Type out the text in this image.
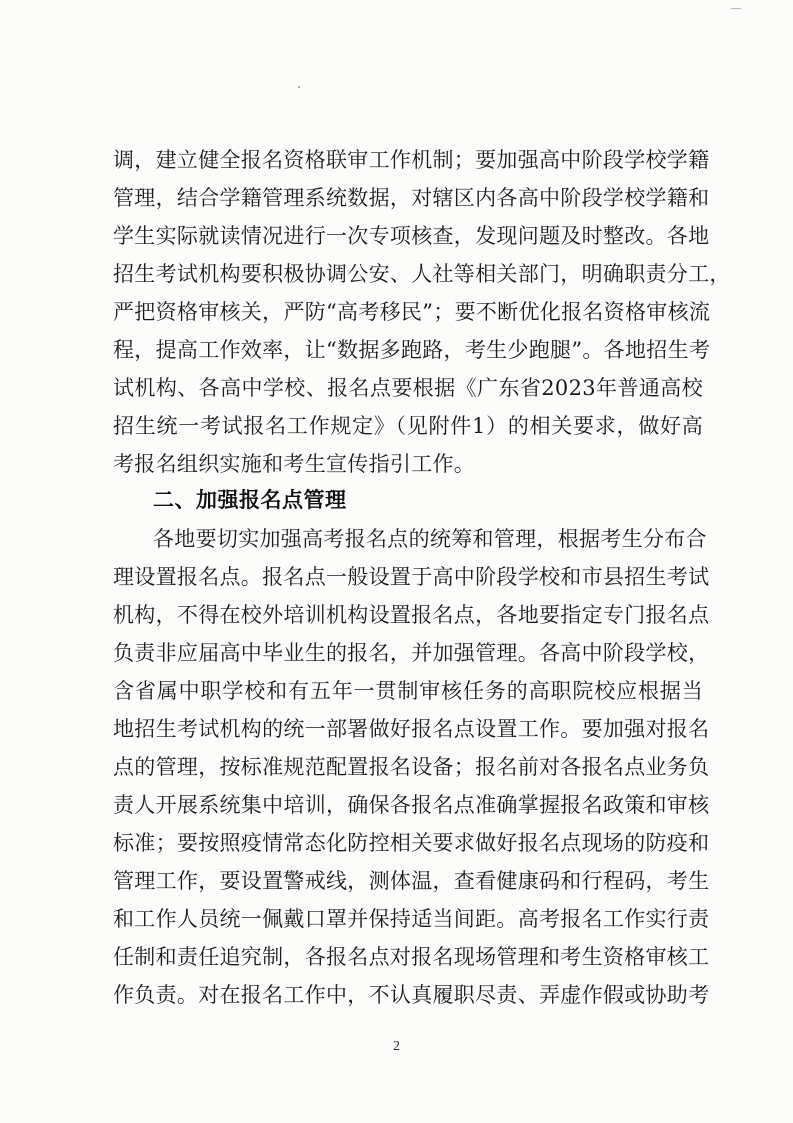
调，建立健全报名资格联审工作机制；要加强高中阶段学校学籍
管理，结合学籍管理系统数据，对辖区内各高中阶段学校学籍和
学生实际就读情况进行一次专项核查，发现问题及时整改。各地
招生考试机构要积极协调公安、人社等相关部门，明确职责分工，
严把资格审核关，严防“高考移民”；要不断优化报名资格审核流
程，提高工作效率，让“数据多跑路，考生少跑腿”。各地招生考
试机构、各高中学校、报名点要根据《广东省2023年普通高校
招生统一考试报名工作规定》（见附件1）的相关要求，做好高
考报名组织实施和考生宣传指引工作。
二、加强报名点管理
各地要切实加强高考报名点的统筹和管理，根据考生分布合
理设置报名点。报名点一般设置于高中阶段学校和市县招生考试
机构，不得在校外培训机构设置报名点，各地要指定专门报名点
负责非应届高中毕业生的报名，并加强管理。各高中阶段学校，
含省属中职学校和有五年一贯制审核任务的高职院校应根据当
地招生考试机构的统一部署做好报名点设置工作。要加强对报名
点的管理，按标准规范配置报名设备；报名前对各报名点业务负
责人开展系统集中培训，确保各报名点准确掌握报名政策和审核
标准；要按照疫情常态化防控相关要求做好报名点现场的防疫和
管理工作，要设置警戒线，测体温，查看健康码和行程码，考生
和工作人员统一佩戴口罩并保持适当间距。高考报名工作实行责
任制和责任追究制，各报名点对报名现场管理和考生资格审核工
作负责。对在报名工作中，不认真履职尽责、弄虚作假或协助考
2
